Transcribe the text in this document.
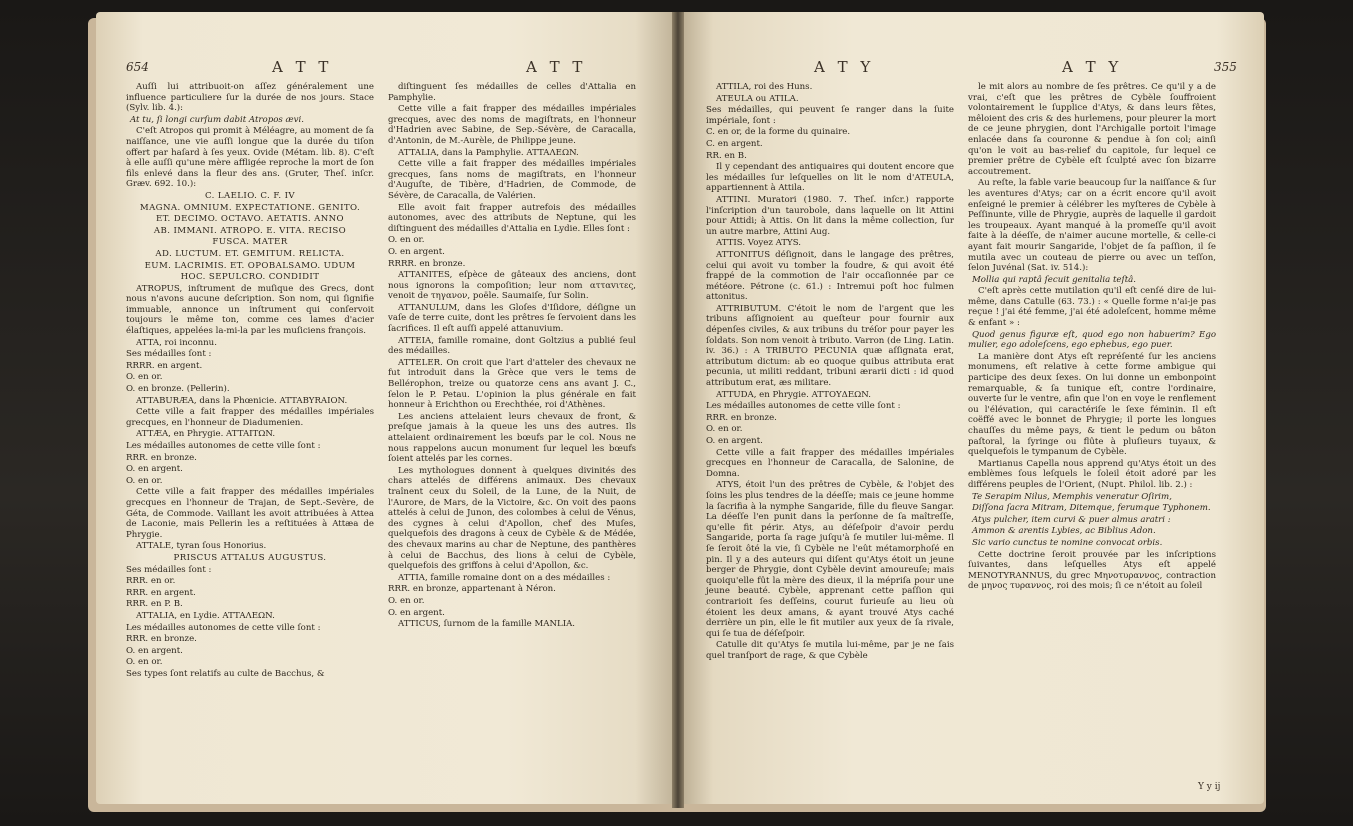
654	A T T	A T T

Auſſi lui attribuoit-on aſſez généralement une influence particuliere ſur la durée de nos jours. Stace (Sylv. lib. 4.):

At tu, ſi longi curſum dabit Atropos ævi.

C'eſt Atropos qui promit à Méléagre, au moment de ſa naiſſance, une vie auſſi longue que la durée du tiſon offert par haſard à ſes yeux. Ovide (Métam. lib. 8). C'eſt à elle auſſi qu'une mère affligée reproche la mort de ſon fils enlevé dans la fleur des ans. (Gruter, Theſ. inſcr. Græv. 692. 10.):

C. LAELIO. C. F. IV

MAGNA. OMNIUM. EXPECTATIONE. GENITO.

ET. DECIMO. OCTAVO. AETATIS. ANNO

AB. IMMANI. ATROPO. E. VITA. RECISO

FUSCA. MATER

AD. LUCTUM. ET. GEMITUM. RELICTA.

EUM. LACRIMIS. ET. OPOBALSAMO. UDUM

HOC. SEPULCRO. CONDIDIT

ATROPUS, inſtrument de muſique des Grecs, dont nous n'avons aucune deſcription. Son nom, qui ſignifie immuable, annonce un inſtrument qui conſervoit toujours le même ton, comme ces lames d'acier élaſtiques, appelées la-mi-la par les muſiciens françois.

ATTA, roi inconnu.

Ses médailles ſont :

RRRR. en argent.

O. en or.

O. en bronze. (Pellerin).

ATTABURÆA, dans la Phœnicie. ATTABYRAION.

Cette ville a fait frapper des médailles impériales grecques, en l'honneur de Diadumenien.

ATTÆA, en Phrygie. ATTAITΩN.

Les médailles autonomes de cette ville ſont :

RRR. en bronze.

O. en argent.

O. en or.

Cette ville a fait frapper des médailles impériales grecques en l'honneur de Trajan, de Sept.-Sevère, de Géta, de Commode. Vaillant les avoit attribuées à Attea de Laconie, mais Pellerin les a reſtituées à Attæa de Phrygie.

ATTALE, tyran ſous Honorius.

PRISCUS ATTALUS AUGUSTUS.

Ses médailles ſont :

RRR. en or.

RRR. en argent.

RRR. en P. B.

ATTALIA, en Lydie. ATTAΛEΩN.

Les médailles autonomes de cette ville ſont :

RRR. en bronze.

O. en argent.

O. en or.

Ses types ſont relatifs au culte de Bacchus, &

diſtinguent ſes médailles de celles d'Attalia en Pamphylie.

Cette ville a fait frapper des médailles impériales grecques, avec des noms de magiſtrats, en l'honneur d'Hadrien avec Sabine, de Sep.-Sévère, de Caracalla, d'Antonin, de M.-Aurèle, de Philippe jeune.

ATTALIA, dans la Pamphylie. ATTAΛEΩN.

Cette ville a fait frapper des médailles impériales grecques, ſans noms de magiſtrats, en l'honneur d'Auguſte, de Tibère, d'Hadrien, de Commode, de Sévère, de Caracalla, de Valérien.

Elle avoit fait frapper autrefois des médailles autonomes, avec des attributs de Neptune, qui les diſtinguent des médailles d'Attalia en Lydie. Elles ſont :

O. en or.

O. en argent.

RRRR. en bronze.

ATTANITES, eſpèce de gâteaux des anciens, dont nous ignorons la compoſition; leur nom ατταvιτɛς, venoit de τηγανον, poële. Saumaiſe, ſur Solin.

ATTANULUM, dans les Gloſes d'Iſidore, déſigne un vaſe de terre cuite, dont les prêtres ſe ſervoient dans les ſacrifices. Il eſt auſſi appelé attanuvium.

ATTEIA, famille romaine, dont Goltzius a publié ſeul des médailles.

ATTELER. On croit que l'art d'atteler des chevaux ne fut introduit dans la Grèce que vers le tems de Bellérophon, treize ou quatorze cens ans avant J. C., ſelon le P. Petau. L'opinion la plus générale en fait honneur à Erichthon ou Erechthée, roi d'Athènes.

Les anciens attelaient leurs chevaux de front, & preſque jamais à la queue les uns des autres. Ils attelaient ordinairement les bœufs par le col. Nous ne nous rappelons aucun monument ſur lequel les bœufs ſoient attelés par les cornes.

Les mythologues donnent à quelques divinités des chars attelés de différens animaux. Des chevaux traînent ceux du Soleil, de la Lune, de la Nuit, de l'Aurore, de Mars, de la Victoire, &c. On voit des paons attelés à celui de Junon, des colombes à celui de Vénus, des cygnes à celui d'Apollon, chef des Muſes, quelquefois des dragons à ceux de Cybèle & de Médée, des chevaux marins au char de Neptune, des panthères à celui de Bacchus, des lions à celui de Cybèle, quelquefois des griffons à celui d'Apollon, &c.

ATTIA, famille romaine dont on a des médailles :

RRR. en bronze, appartenant à Néron.

O. en or.

O. en argent.

ATTICUS, ſurnom de la famille MANLIA.

A T Y	A T Y	355

ATTILA, roi des Huns.

ATEULA ou ATILA.

Ses médailles, qui peuvent ſe ranger dans la ſuite impériale, ſont :

C. en or, de la forme du quinaire.

C. en argent.

RR. en B.

Il y cependant des antiquaires qui doutent encore que les médailles ſur leſquelles on lit le nom d'ATEULA, appartiennent à Attila.

ATTINI. Muratori (1980. 7. Theſ. inſcr.) rapporte l'inſcription d'un taurobole, dans laquelle on lit Attini pour Attidi; à Attis. On lit dans la même collection, ſur un autre marbre, Attini Aug.

ATTIS. Voyez ATYS.

ATTONITUS déſignoit, dans le langage des prêtres, celui qui avoit vu tomber la foudre, & qui avoit été frappé de la commotion de l'air occaſionnée par ce météore. Pétrone (c. 61.) : Intremui poſt hoc fulmen attonitus.

ATTRIBUTUM. C'étoit le nom de l'argent que les tribuns aſſignoient au queſteur pour fournir aux dépenſes civiles, & aux tribuns du tréſor pour payer les ſoldats. Son nom venoit à tributo. Varron (de Ling. Latin. iv. 36.) : A TRIBUTO PECUNIA quæ aſſignata erat, attributum dictum: ab eo quoque quibus attributa erat pecunia, ut militi reddant, tribuni ærarii dicti : id quod attributum erat, æs militare.

ATTUDA, en Phrygie. ATTOYΔEΩN.

Les médailles autonomes de cette ville ſont :

RRR. en bronze.

O. en or.

O. en argent.

Cette ville a fait frapper des médailles impériales grecques en l'honneur de Caracalla, de Salonine, de Domna.

ATYS, étoit l'un des prêtres de Cybèle, & l'objet des ſoins les plus tendres de la déeſſe; mais ce jeune homme la ſacrifia à la nymphe Sangaride, fille du fleuve Sangar. La déeſſe l'en punit dans la perſonne de ſa maîtreſſe, qu'elle fit périr. Atys, au déſeſpoir d'avoir perdu Sangaride, porta ſa rage juſqu'à ſe mutiler lui-même. Il ſe ſeroit ôté la vie, ſi Cybèle ne l'eût métamorphoſé en pin. Il y a des auteurs qui diſent qu'Atys étoit un jeune berger de Phrygie, dont Cybèle devint amoureuſe; mais quoiqu'elle fût la mère des dieux, il la mépriſa pour une jeune beauté. Cybèle, apprenant cette paſſion qui contrarioit ſes deſſeins, courut furieuſe au lieu où étoient les deux amans, & ayant trouvé Atys caché derrière un pin, elle le fit mutiler aux yeux de ſa rivale, qui ſe tua de déſeſpoir.

Catulle dit qu'Atys ſe mutila lui-même, par je ne ſais quel tranſport de rage, & que Cybèle

le mit alors au nombre de ſes prêtres. Ce qu'il y a de vrai, c'eſt que les prêtres de Cybèle ſouffroient volontairement le ſupplice d'Atys, & dans leurs fêtes, mêloient des cris & des hurlemens, pour pleurer la mort de ce jeune phrygien, dont l'Archigalle portoit l'image enlacée dans ſa couronne & pendue à ſon col; ainſi qu'on le voit au bas-relief du capitole, ſur lequel ce premier prêtre de Cybèle eſt ſculpté avec ſon bizarre accoutrement.

Au reſte, la fable varie beaucoup ſur la naiſſance & ſur les aventures d'Atys; car on a écrit encore qu'il avoit enſeigné le premier à célébrer les myſteres de Cybèle à Peſſinunte, ville de Phrygie, auprès de laquelle il gardoit les troupeaux. Ayant manqué à la promeſſe qu'il avoit faite à la déeſſe, de n'aimer aucune mortelle, & celle-ci ayant fait mourir Sangaride, l'objet de ſa paſſion, il ſe mutila avec un couteau de pierre ou avec un teſſon, ſelon Juvénal (Sat. iv. 514.):

Mollia qui raptâ ſecuit genitalia teſtâ.

C'eſt après cette mutilation qu'il eſt cenſé dire de lui-même, dans Catulle (63. 73.) : « Quelle forme n'ai-je pas reçue ! j'ai été femme, j'ai été adoleſcent, homme même & enfant » :

Quod genus figuræ eſt, quod ego non habuerim? Ego mulier, ego adoleſcens, ego ephebus, ego puer.

La manière dont Atys eſt repréſenté ſur les anciens monumens, eſt relative à cette forme ambigue qui participe des deux ſexes. On lui donne un embonpoint remarquable, & ſa tunique eſt, contre l'ordinaire, ouverte ſur le ventre, afin que l'on en voye le renflement ou l'élévation, qui caractériſe le ſexe féminin. Il eſt coëffé avec le bonnet de Phrygie; il porte les longues chauſſes du même pays, & tient le pedum ou bâton paſtoral, la ſyringe ou flûte à pluſieurs tuyaux, & quelquefois le tympanum de Cybèle.

Martianus Capella nous apprend qu'Atys étoit un des emblèmes ſous leſquels le ſoleil étoit adoré par les différens peuples de l'Orient, (Nupt. Philol. lib. 2.) :

Te Serapim Nilus, Memphis veneratur Oſirim,

Diſſona ſacra Mitram, Ditemque, ferumque Typhonem.

Atys pulcher, item curvi & puer almus aratri :

Ammon & arentis Lybies, ac Biblius Adon.

Sic vario cunctus te nomine convocat orbis.

Cette doctrine ſeroit prouvée par les inſcriptions ſuivantes, dans leſquelles Atys eſt appelé MENOTYRANNUS, du grec Μηνοτυραννος, contraction de μηνος τυραννος, roi des mois; ſi ce n'étoit au ſoleil

Y y ij
